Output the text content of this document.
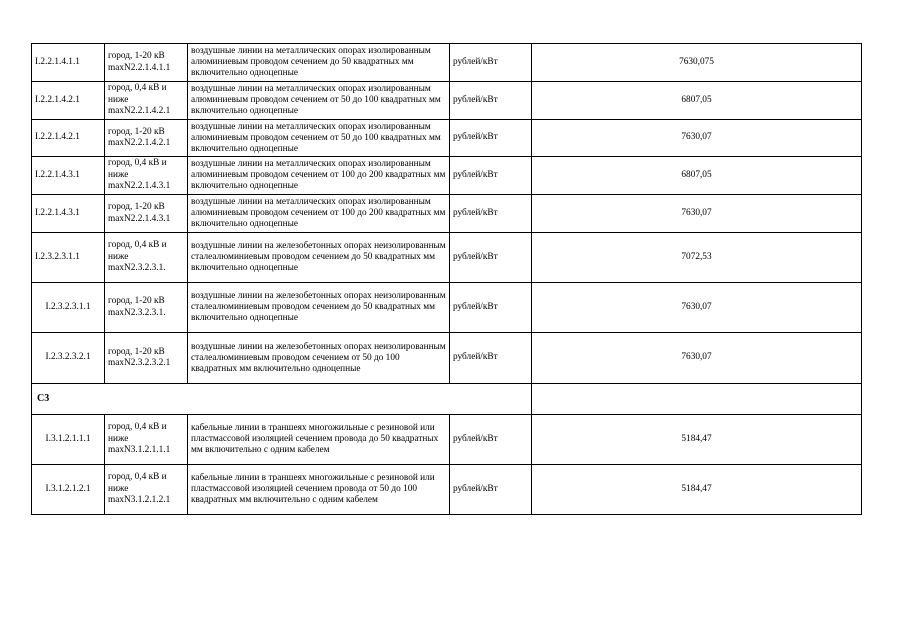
I.2.2.1.4.1.1	город, 1-20 кВ maxN2.2.1.4.1.1	воздушные линии на металлических опорах изолированным алюминиевым проводом сечением до 50 квадратных мм включительно одноцепные	рублей/кВт	7630,075
I.2.2.1.4.2.1	город, 0,4 кВ и ниже maxN2.2.1.4.2.1	воздушные линии на металлических опорах изолированным алюминиевым проводом сечением от 50 до 100 квадратных мм включительно одноцепные	рублей/кВт	6807,05
I.2.2.1.4.2.1	город, 1-20 кВ maxN2.2.1.4.2.1	воздушные линии на металлических опорах изолированным алюминиевым проводом сечением от 50 до 100 квадратных мм включительно одноцепные	рублей/кВт	7630,07
I.2.2.1.4.3.1	город, 0,4 кВ и ниже maxN2.2.1.4.3.1	воздушные линии на металлических опорах изолированным алюминиевым проводом сечением от 100 до 200 квадратных мм включительно одноцепные	рублей/кВт	6807,05
I.2.2.1.4.3.1	город, 1-20 кВ maxN2.2.1.4.3.1	воздушные линии на металлических опорах изолированным алюминиевым проводом сечением от 100 до 200 квадратных мм включительно одноцепные	рублей/кВт	7630,07
I.2.3.2.3.1.1	город, 0,4 кВ и ниже maxN2.3.2.3.1.	воздушные линии на железобетонных опорах неизолированным сталеалюминиевым проводом сечением до 50 квадратных мм включительно одноцепные	рублей/кВт	7072,53
I.2.3.2.3.1.1	город, 1-20 кВ maxN2.3.2.3.1.	воздушные линии на железобетонных опорах неизолированным сталеалюминиевым проводом сечением до 50 квадратных мм включительно одноцепные	рублей/кВт	7630,07
I.2.3.2.3.2.1	город, 1-20 кВ maxN2.3.2.3.2.1	воздушные линии на железобетонных опорах неизолированным сталеалюминиевым проводом сечением от 50 до 100 квадратных мм включительно одноцепные	рублей/кВт	7630,07
С3				
I.3.1.2.1.1.1	город, 0,4 кВ и ниже maxN3.1.2.1.1.1	кабельные линии в траншеях многожильные с резиновой или пластмассовой изоляцией сечением провода до 50 квадратных мм включительно с одним кабелем	рублей/кВт	5184,47
I.3.1.2.1.2.1	город, 0,4 кВ и ниже maxN3.1.2.1.2.1	кабельные линии в траншеях многожильные с резиновой или пластмассовой изоляцией сечением провода от 50 до 100 квадратных мм включительно с одним кабелем	рублей/кВт	5184,47
